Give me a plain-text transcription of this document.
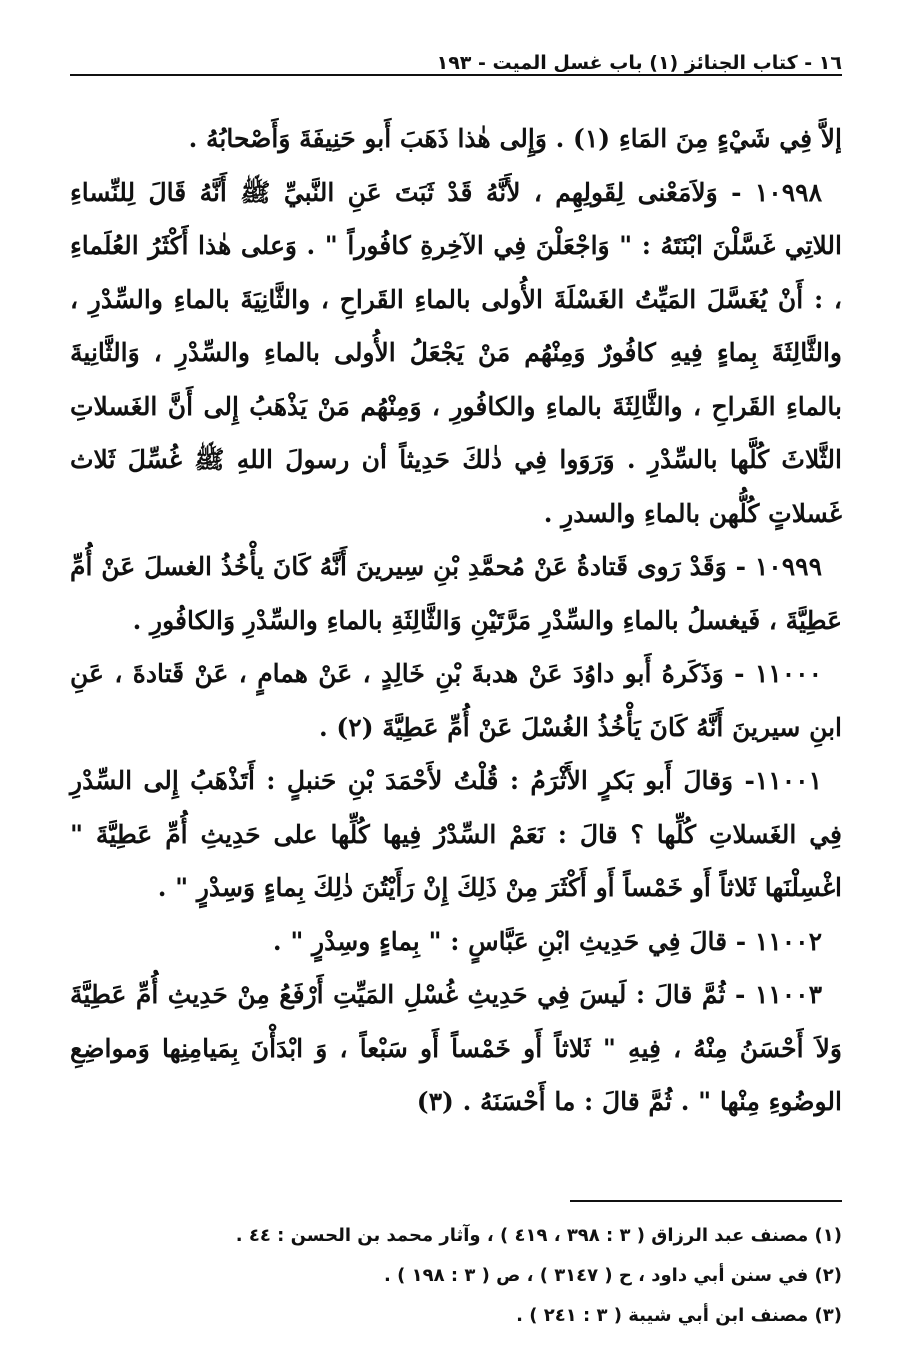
١٦ - كتاب الجنائز (١) باب غسل الميت - ١٩٣

إلاَّ فِي شَيْءٍ مِنَ المَاءِ (١) . وَإِلى هٰذا ذَهَبَ أَبو حَنِيفَةَ وَأَصْحابُهُ .

١٠٩٩٨ - وَلاَمَعْنى لِقَولِهِم ، لأَنَّهُ قَدْ ثَبَتَ عَنِ النَّبيِّ ﷺ أَنَّهُ قَالَ لِلنِّساءِ اللاتِي غَسَّلْنَ ابْنَتَهُ : " وَاجْعَلْنَ فِي الآخِرةِ كافُوراً " . وَعلى هٰذا أَكْثَرُ العُلَماءِ ، : أَنْ يُغَسَّلَ المَيِّتُ الغَسْلَةَ الأُولى بالماءِ القَراحِ ، والثَّانِيَةَ بالماءِ والسِّدْرِ ، والثَّالِثَةَ بِماءٍ فِيهِ كافُورٌ وَمِنْهُم مَنْ يَجْعَلُ الأُولى بالماءِ والسِّدْرِ ، وَالثَّانِيةَ بالماءِ القَراحِ ، والثَّالِثَةَ بالماءِ والكافُورِ ، وَمِنْهُم مَنْ يَذْهَبُ إِلى أَنَّ الغَسلاتِ الثَّلاثَ كُلَّها بالسِّدْرِ . وَرَوَوا فِي ذٰلكَ حَدِيثاً أن رسولَ اللهِ ﷺ غُسِّلَ ثَلاث غَسلاتٍ كُلُّهن بالماءِ والسدرِ .

١٠٩٩٩ - وَقَدْ رَوى قَتادةُ عَنْ مُحمَّدِ بْنِ سِيرينَ أَنَّهُ كَانَ يأْخُذُ الغسلَ عَنْ أُمِّ عَطِيَّةَ ، فَيغسلُ بالماءِ والسِّدْرِ مَرَّتَيْنِ وَالثَّالِثَةِ بالماءِ والسِّدْرِ وَالكافُورِ .

١١٠٠٠ - وَذَكَرهُ أَبو داوُدَ عَنْ هدبةَ بْنِ خَالِدٍ ، عَنْ همامٍ ، عَنْ قَتادةَ ، عَنِ ابنِ سيرينَ أَنَّهُ كَانَ يَأْخُذُ الغُسْلَ عَنْ أُمِّ عَطِيَّةَ (٢) .

١١٠٠١- وَقالَ أَبو بَكرٍ الأَثْرَمُ : قُلْتُ لأَحْمَدَ بْنِ حَنبلٍ : أَتَذْهَبُ إِلى السِّدْرِ فِي الغَسلاتِ كُلِّها ؟ قالَ : نَعَمْ السِّدْرُ فِيها كُلِّها على حَدِيثِ أُمِّ عَطِيَّةَ " اغْسِلْنَها ثَلاثاً أَو خَمْساً أَو أَكْثَرَ مِنْ ذَلِكَ إِنْ رَأَيْتُنَ ذٰلِكَ بِماءٍ وَسِدْرٍ " .

١١٠٠٢ - قالَ فِي حَدِيثِ ابْنِ عَبَّاسٍ : " بِماءٍ وسِدْرٍ " .

١١٠٠٣ - ثُمَّ قالَ : لَيسَ فِي حَدِيثِ غُسْلِ المَيِّتِ أَرْفَعُ مِنْ حَدِيثِ أُمِّ عَطِيَّةَ وَلاَ أَحْسَنُ مِنْهُ ، فِيهِ " ثَلاثاً أَو خَمْساً أَو سَبْعاً ، وَ ابْدَأْنَ بِمَيامِنِها وَمواضِعِ الوضُوءِ مِنْها " . ثُمَّ قالَ : ما أَحْسَنَهُ . (٣)

(١) مصنف عبد الرزاق ( ٣ : ٣٩٨ ، ٤١٩ ) ، وآثار محمد بن الحسن : ٤٤ .

(٢) في سنن أبي داود ، ح ( ٣١٤٧ ) ، ص ( ٣ : ١٩٨ ) .

(٣) مصنف ابن أبي شيبة ( ٣ : ٢٤١ ) .
